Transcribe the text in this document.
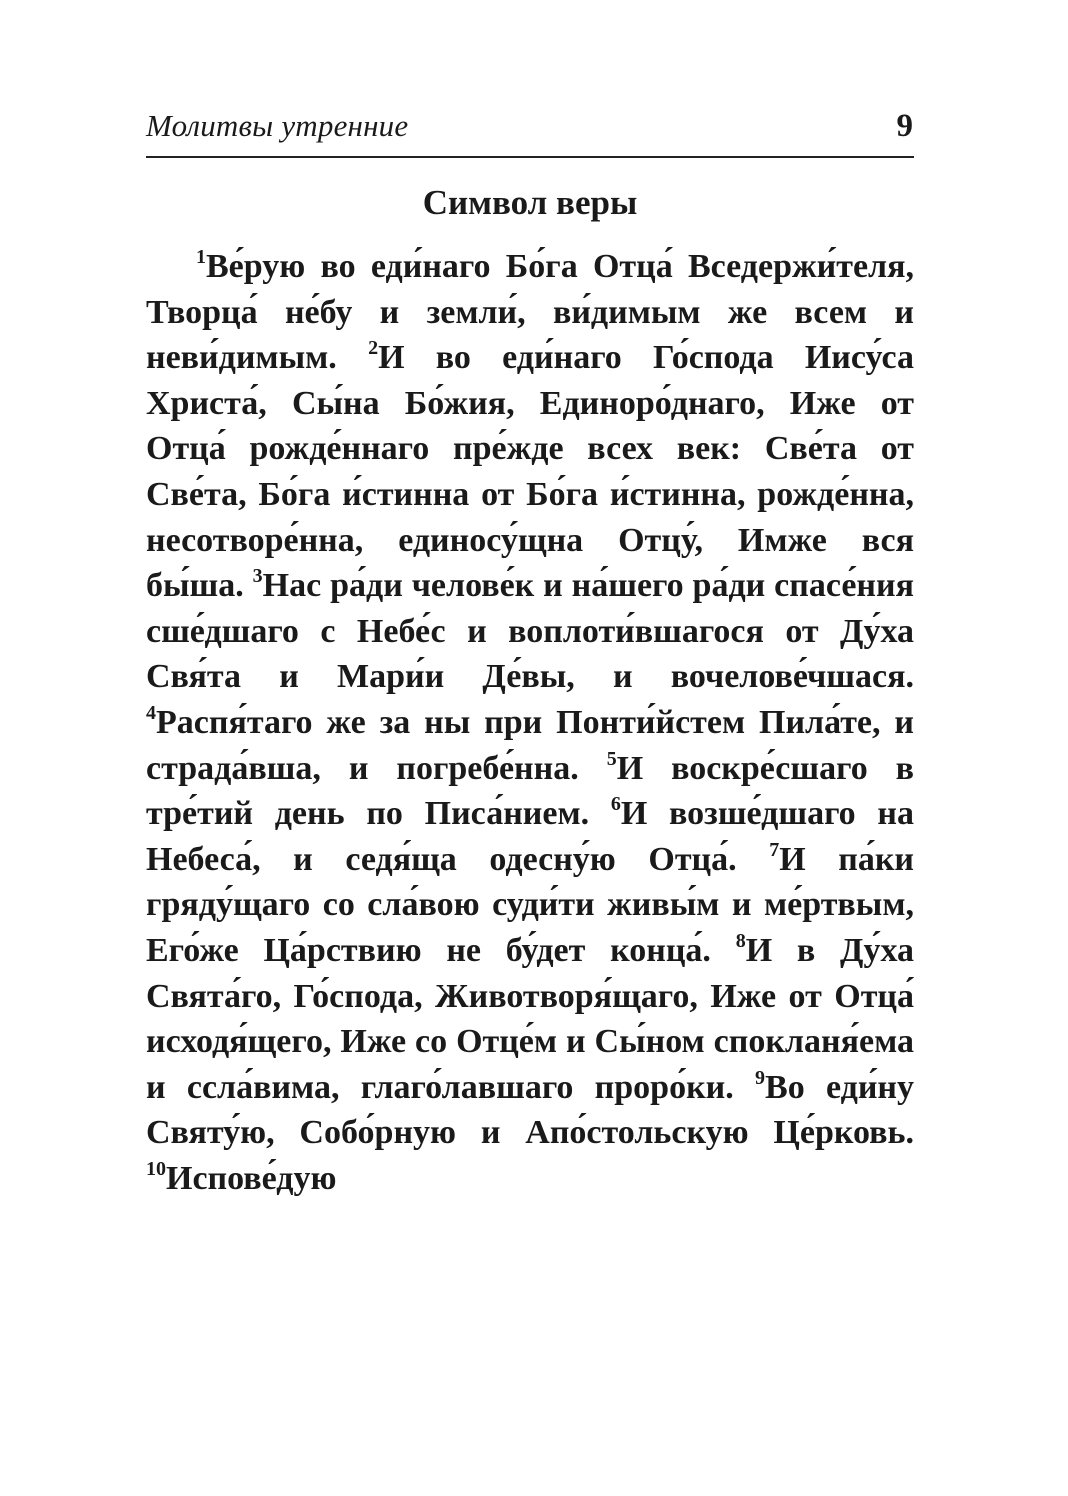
Молитвы утренние	9
Символ веры

$^1$Ве́рую во еди́наго Бо́га Отца́ Вседержи́теля, Творца́ не́бу и земли́, ви́димым же всем и неви́димым. $^2$И во еди́наго Го́спода Иису́са Христа́, Сы́на Бо́жия, Единоро́днаго, Иже от Отца́ рожде́ннаго пре́жде всех век: Све́та от Све́та, Бо́га и́стинна от Бо́га и́стинна, рожде́нна, несотворе́нна, единосу́щна Отцу́, Имже вся бы́ша. $^3$Нас ра́ди челове́к и на́шего ра́ди спасе́ния сше́дшаго с Небе́с и воплоти́вшагося от Ду́ха Свя́та и Мари́и Де́вы, и вочелове́чшася. $^4$Распя́таго же за ны при Понти́йстем Пила́те, и страда́вша, и погребе́нна. $^5$И воскре́сшаго в тре́тий день по Писа́нием. $^6$И возше́дшаго на Небеса́, и седя́ща одесну́ю Отца́. $^7$И па́ки гряду́щаго со сла́вою суди́ти живы́м и ме́ртвым, Его́же Ца́рствию не бу́дет конца́. $^8$И в Ду́ха Свята́го, Го́спода, Животворя́щаго, Иже от Отца́ исходя́щего, Иже со Отце́м и Сы́ном спокланя́ема и ссла́вима, глаго́лавшаго проро́ки. $^9$Во еди́ну Святу́ю, Собо́рную и Апо́стольскую Це́рковь. $^{10}$Испове́дую
